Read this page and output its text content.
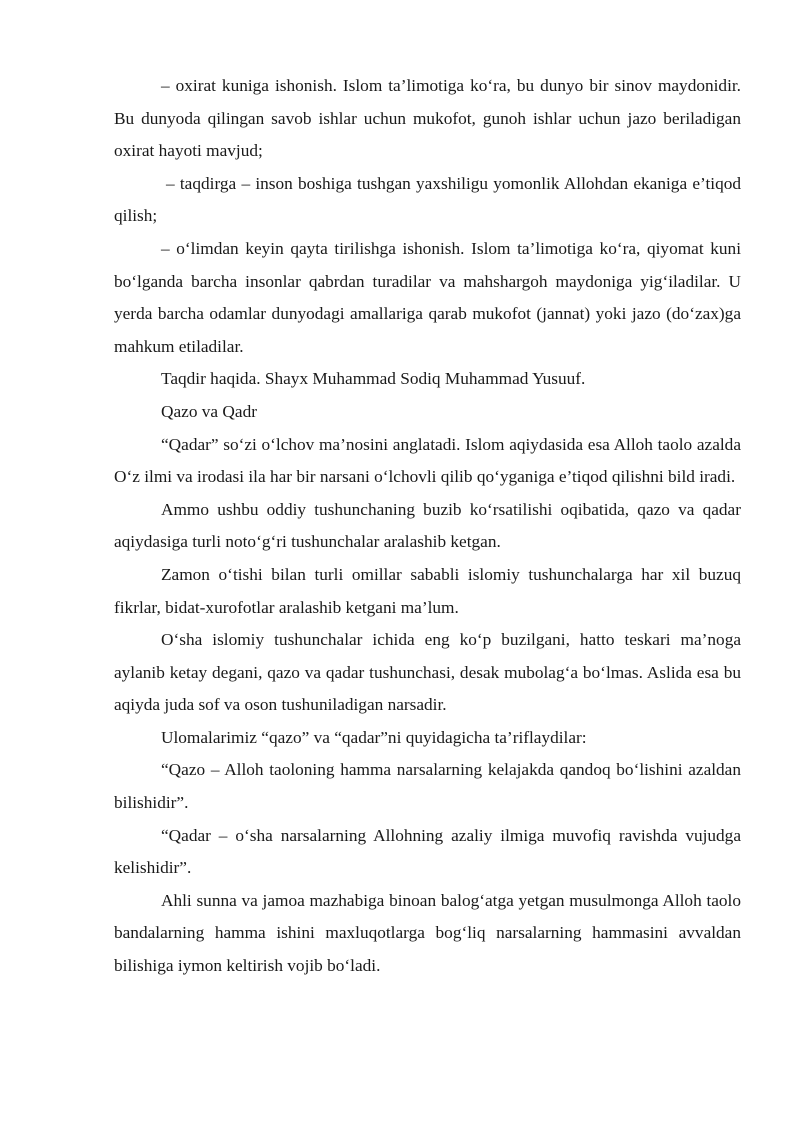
– oxirat kuniga ishonish. Islom ta’limotiga ko‘ra, bu dunyo bir sinov maydonidir. Bu dunyoda qilingan savob ishlar uchun mukofot, gunoh ishlar uchun jazo beriladigan oxirat hayoti mavjud;

– taqdirga – inson boshiga tushgan yaxshiligu yomonlik Allohdan ekaniga e’tiqod qilish;

– o‘limdan keyin qayta tirilishga ishonish. Islom ta’limotiga ko‘ra, qiyomat kuni bo‘lganda barcha insonlar qabrdan turadilar va mahshargoh maydoniga yig‘iladilar. U yerda barcha odamlar dunyodagi amallariga qarab mukofot (jannat) yoki jazo (do‘zax)ga mahkum etiladilar.

Taqdir haqida. Shayx Muhammad Sodiq Muhammad Yusuuf.

Qazo va Qadr

“Qadar” so‘zi o‘lchov ma’nosini anglatadi. Islom aqiydasida esa Alloh taolo azalda O‘z ilmi va irodasi ila har bir narsani o‘lchovli qilib qo‘yganiga e’tiqod qilishni bild iradi.

Ammo ushbu oddiy tushunchaning buzib ko‘rsatilishi oqibatida, qazo va qadar aqiydasiga turli noto‘g‘ri tushunchalar aralashib ketgan.

Zamon o‘tishi bilan turli omillar sababli islomiy tushunchalarga har xil buzuq fikrlar, bidat-xurofotlar aralashib ketgani ma’lum.

O‘sha islomiy tushunchalar ichida eng ko‘p buzilgani, hatto teskari ma’noga aylanib ketay degani, qazo va qadar tushunchasi, desak mubolag‘a bo‘lmas. Aslida esa bu aqiyda juda sof va oson tushuniladigan narsadir.

Ulomalarimiz “qazo” va “qadar”ni quyidagicha ta’riflaydilar:

“Qazo – Alloh taoloning hamma narsalarning kelajakda qandoq bo‘lishini azaldan bilishidir”.

“Qadar – o‘sha narsalarning Allohning azaliy ilmiga muvofiq ravishda vujudga kelishidir”.

Ahli sunna va jamoa mazhabiga binoan balog‘atga yetgan musulmonga Alloh taolo bandalarning hamma ishini maxluqotlarga bog‘liq narsalarning hammasini avvaldan bilishiga iymon keltirish vojib bo‘ladi.
